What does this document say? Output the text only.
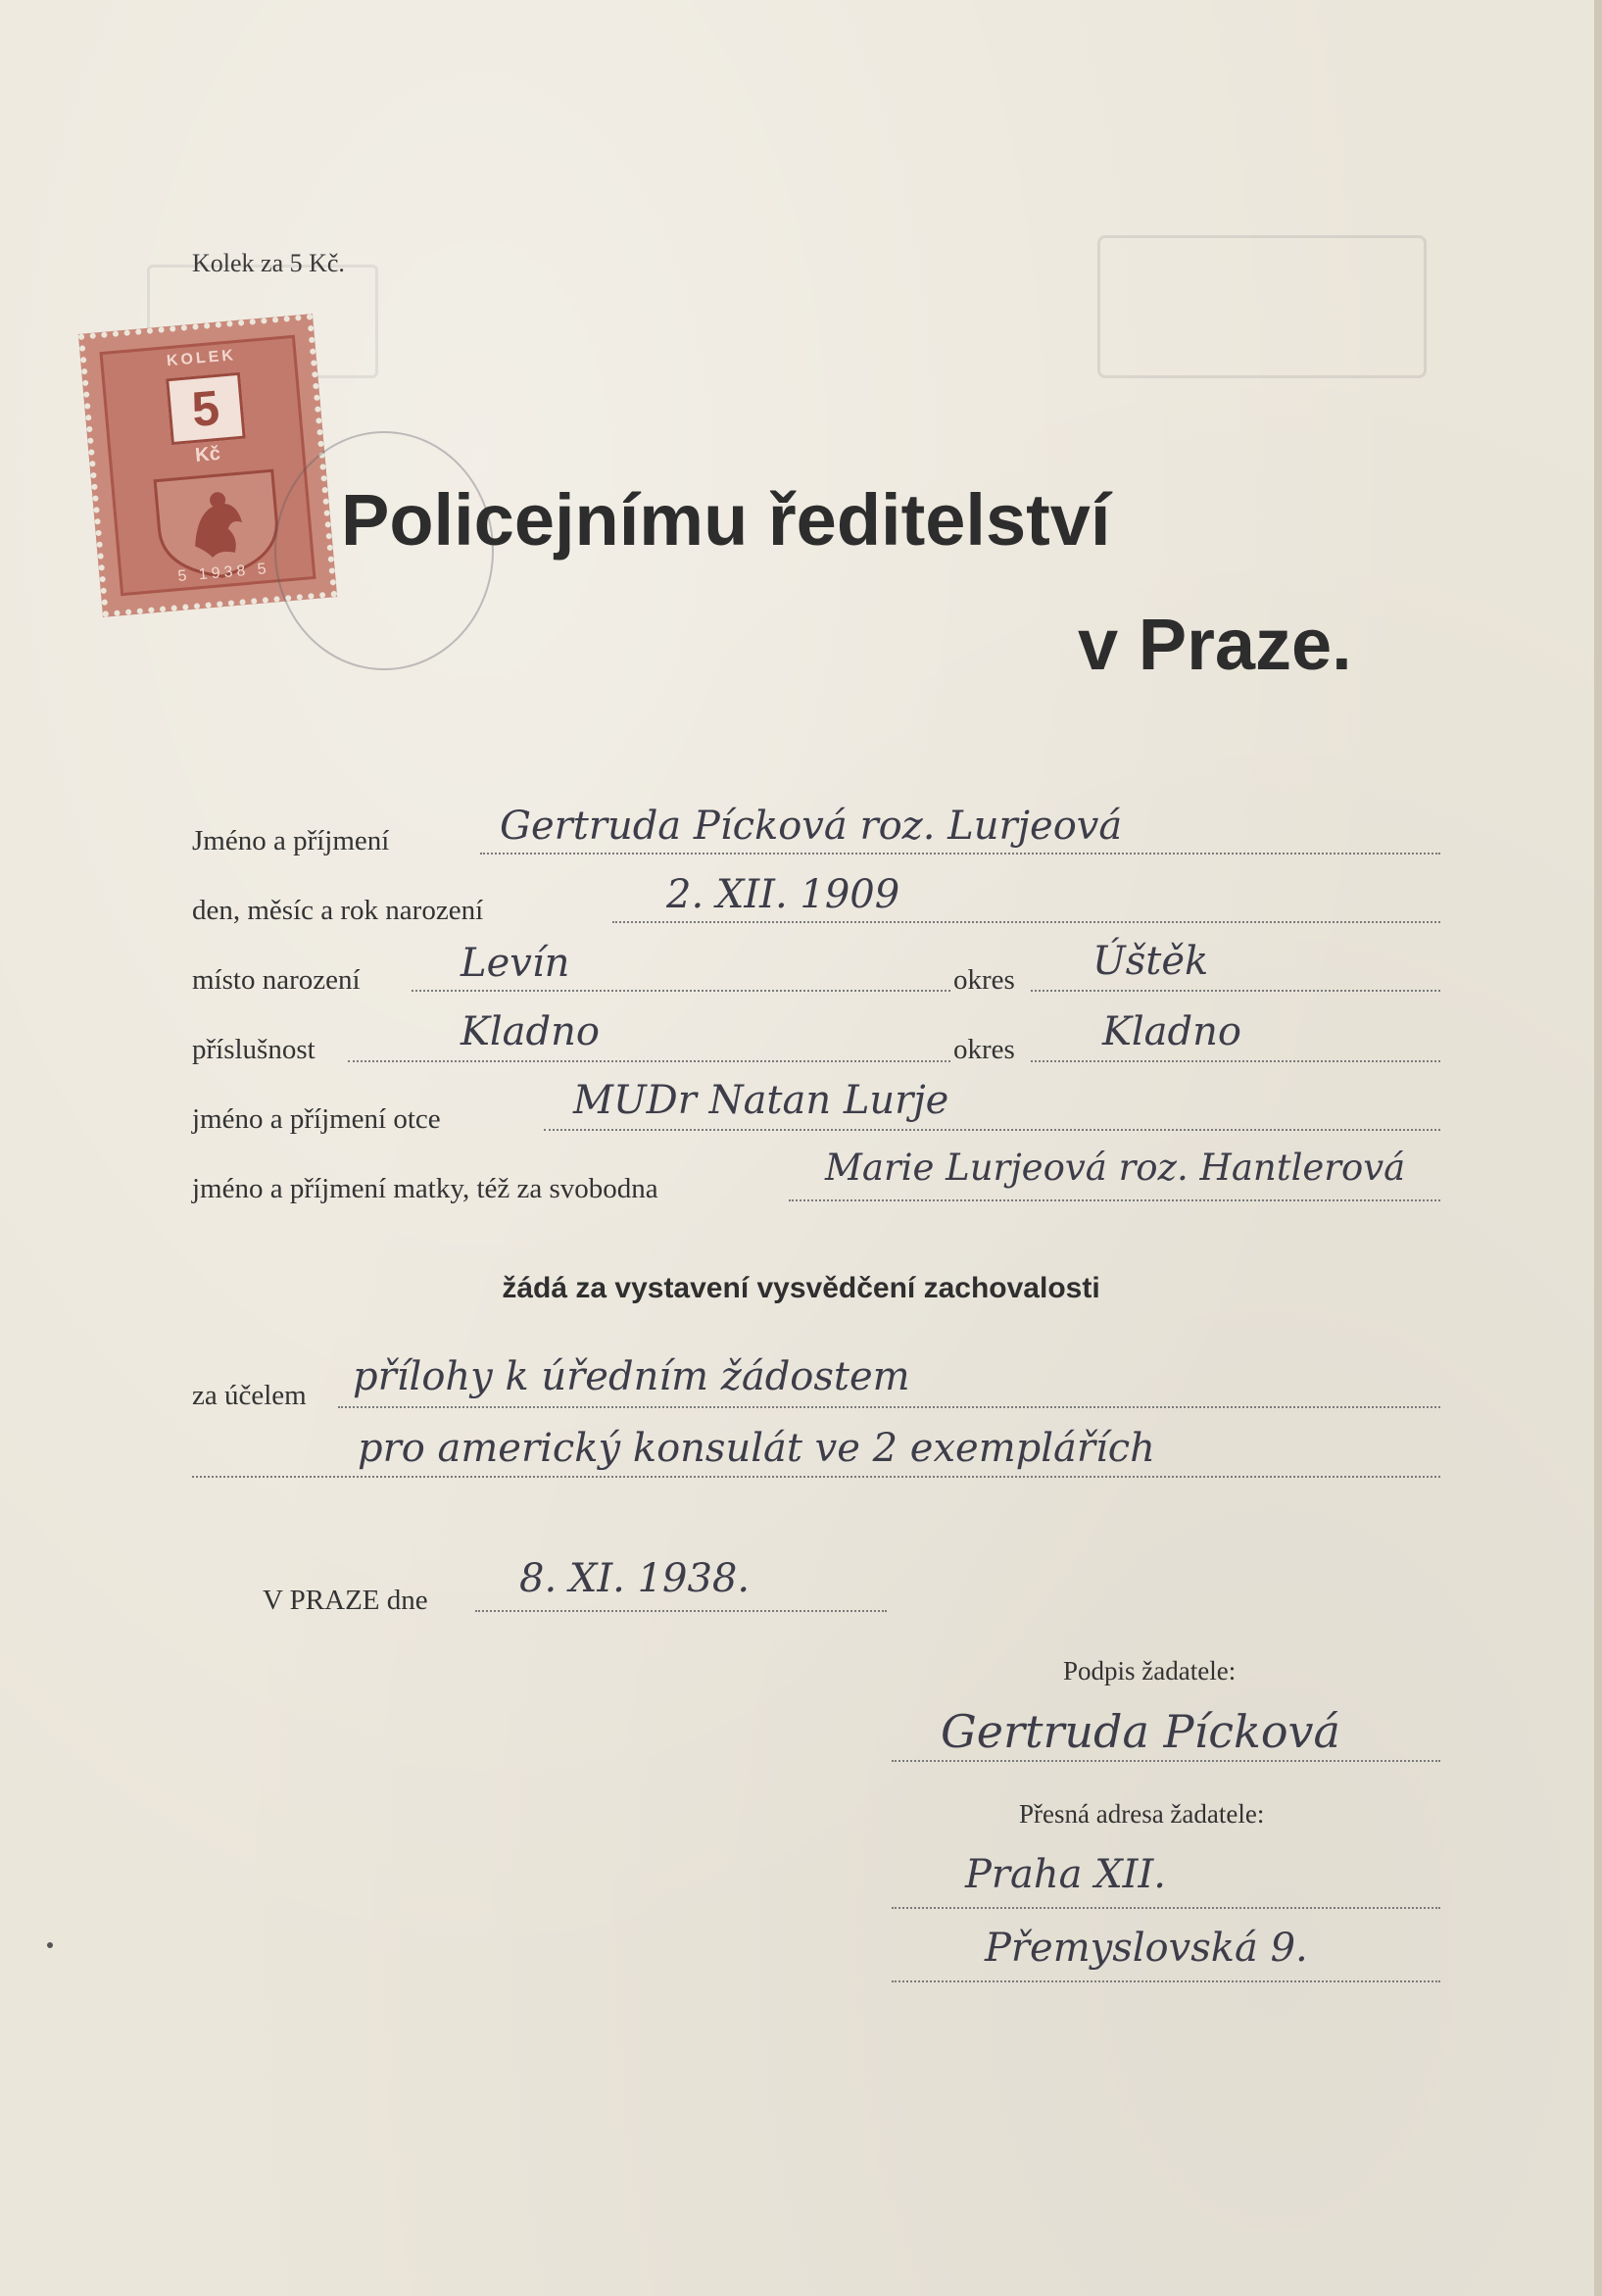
Kolek za 5 Kč.
KOLEK
5
Kč
5 1938 5
Policejnímu ředitelství
v Praze.
Jméno a příjmení	Gertruda Pícková roz. Lurjeová
den, měsíc a rok narození	2. XII. 1909
místo narození	Levín	okres Úštěk
příslušnost	Kladno	okres Kladno
jméno a příjmení otce	MUDr Natan Lurje
jméno a příjmení matky, též za svobodna	Marie Lurjeová roz. Hantlerová
žádá za vystavení vysvědčení zachovalosti
za účelem přílohy k úředním žádostem
pro americký konsulát ve 2 exemplářích
V PRAZE dne 8. XI. 1938.
Podpis žadatele:
Gertruda Pícková
Přesná adresa žadatele:
Praha XII.
Přemyslovská 9.
